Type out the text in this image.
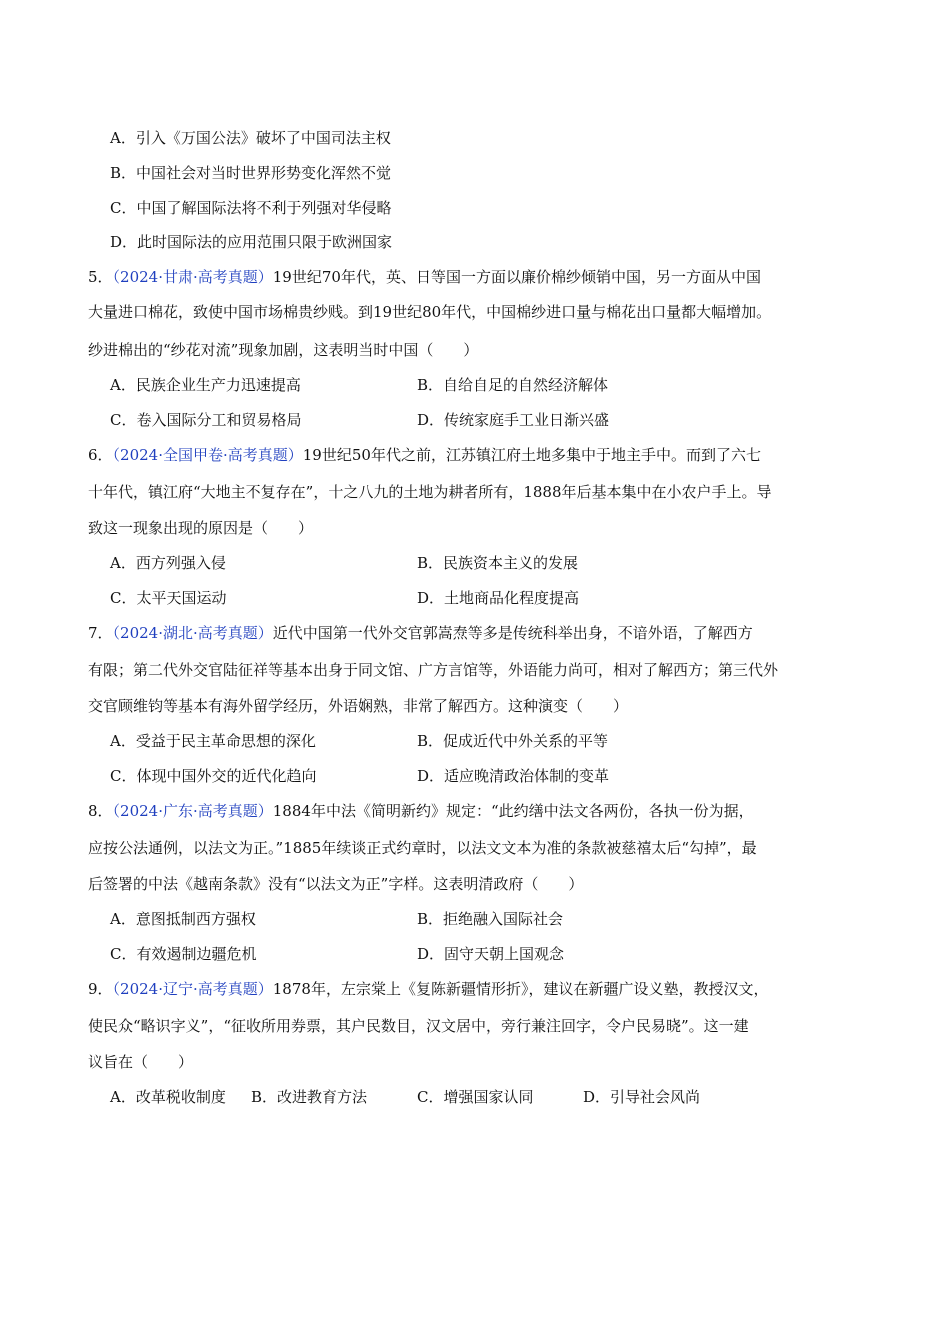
A．引入《万国公法》破坏了中国司法主权
B．中国社会对当时世界形势变化浑然不觉
C．中国了解国际法将不利于列强对华侵略
D．此时国际法的应用范围只限于欧洲国家
5．（2024·甘肃·高考真题）19世纪70年代，英、日等国一方面以廉价棉纱倾销中国，另一方面从中国
大量进口棉花，致使中国市场棉贵纱贱。到19世纪80年代，中国棉纱进口量与棉花出口量都大幅增加。
纱进棉出的“纱花对流”现象加剧，这表明当时中国（　　）
A．民族企业生产力迅速提高	B．自给自足的自然经济解体
C．卷入国际分工和贸易格局	D．传统家庭手工业日渐兴盛
6．（2024·全国甲卷·高考真题）19世纪50年代之前，江苏镇江府土地多集中于地主手中。而到了六七
十年代，镇江府“大地主不复存在”，十之八九的土地为耕者所有，1888年后基本集中在小农户手上。导
致这一现象出现的原因是（　　）
A．西方列强入侵	B．民族资本主义的发展
C．太平天国运动	D．土地商品化程度提高
7．（2024·湖北·高考真题）近代中国第一代外交官郭嵩焘等多是传统科举出身，不谙外语，了解西方
有限；第二代外交官陆征祥等基本出身于同文馆、广方言馆等，外语能力尚可，相对了解西方；第三代外
交官顾维钧等基本有海外留学经历，外语娴熟，非常了解西方。这种演变（　　）
A．受益于民主革命思想的深化	B．促成近代中外关系的平等
C．体现中国外交的近代化趋向	D．适应晚清政治体制的变革
8．（2024·广东·高考真题）1884年中法《简明新约》规定：“此约缮中法文各两份，各执一份为据，
应按公法通例，以法文为正。”1885年续谈正式约章时，以法文文本为准的条款被慈禧太后“勾掉”，最
后签署的中法《越南条款》没有“以法文为正”字样。这表明清政府（　　）
A．意图抵制西方强权	B．拒绝融入国际社会
C．有效遏制边疆危机	D．固守天朝上国观念
9．（2024·辽宁·高考真题）1878年，左宗棠上《复陈新疆情形折》，建议在新疆广设义塾，教授汉文，
使民众“略识字义”，“征收所用券票，其户民数目，汉文居中，旁行兼注回字，令户民易晓”。这一建
议旨在（　　）
A．改革税收制度 B．改进教育方法	C．增强国家认同	D．引导社会风尚
